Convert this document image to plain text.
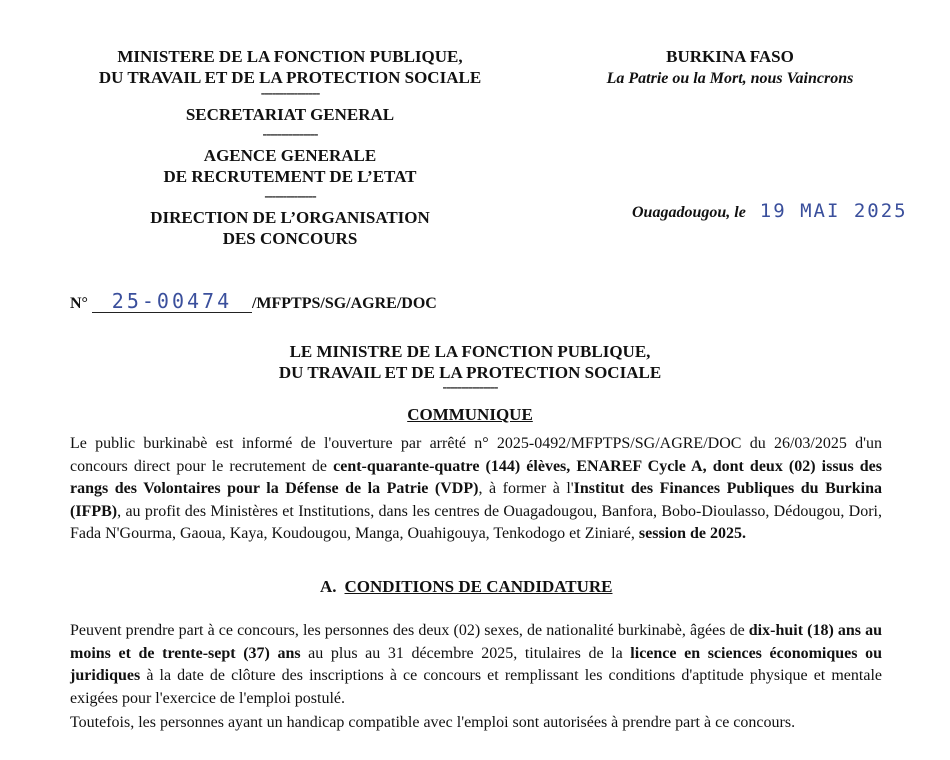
MINISTERE DE LA FONCTION PUBLIQUE,
DU TRAVAIL ET DE LA PROTECTION SOCIALE
----------------
SECRETARIAT GENERAL
---------------
AGENCE GENERALE
DE RECRUTEMENT DE L’ETAT
--------------
DIRECTION DE L’ORGANISATION
DES CONCOURS
BURKINA FASO
La Patrie ou la Mort, nous Vaincrons
Ouagadougou, le 19 MAI 2025
N° 25-00474 /MFPTPS/SG/AGRE/DOC
LE MINISTRE DE LA FONCTION PUBLIQUE,
DU TRAVAIL ET DE LA PROTECTION SOCIALE
---------------
COMMUNIQUE
Le public burkinabè est informé de l'ouverture par arrêté n° 2025-0492/MFPTPS/SG/AGRE/DOC du 26/03/2025 d'un concours direct pour le recrutement de cent-quarante-quatre (144) élèves, ENAREF Cycle A, dont deux (02) issus des rangs des Volontaires pour la Défense de la Patrie (VDP), à former à l'Institut des Finances Publiques du Burkina (IFPB), au profit des Ministères et Institutions, dans les centres de Ouagadougou, Banfora, Bobo-Dioulasso, Dédougou, Dori, Fada N'Gourma, Gaoua, Kaya, Koudougou, Manga, Ouahigouya, Tenkodogo et Ziniaré, session de 2025.
A. CONDITIONS DE CANDIDATURE
Peuvent prendre part à ce concours, les personnes des deux (02) sexes, de nationalité burkinabè, âgées de dix-huit (18) ans au moins et de trente-sept (37) ans au plus au 31 décembre 2025, titulaires de la licence en sciences économiques ou juridiques à la date de clôture des inscriptions à ce concours et remplissant les conditions d'aptitude physique et mentale exigées pour l'exercice de l'emploi postulé.
Toutefois, les personnes ayant un handicap compatible avec l'emploi sont autorisées à prendre part à ce concours.
